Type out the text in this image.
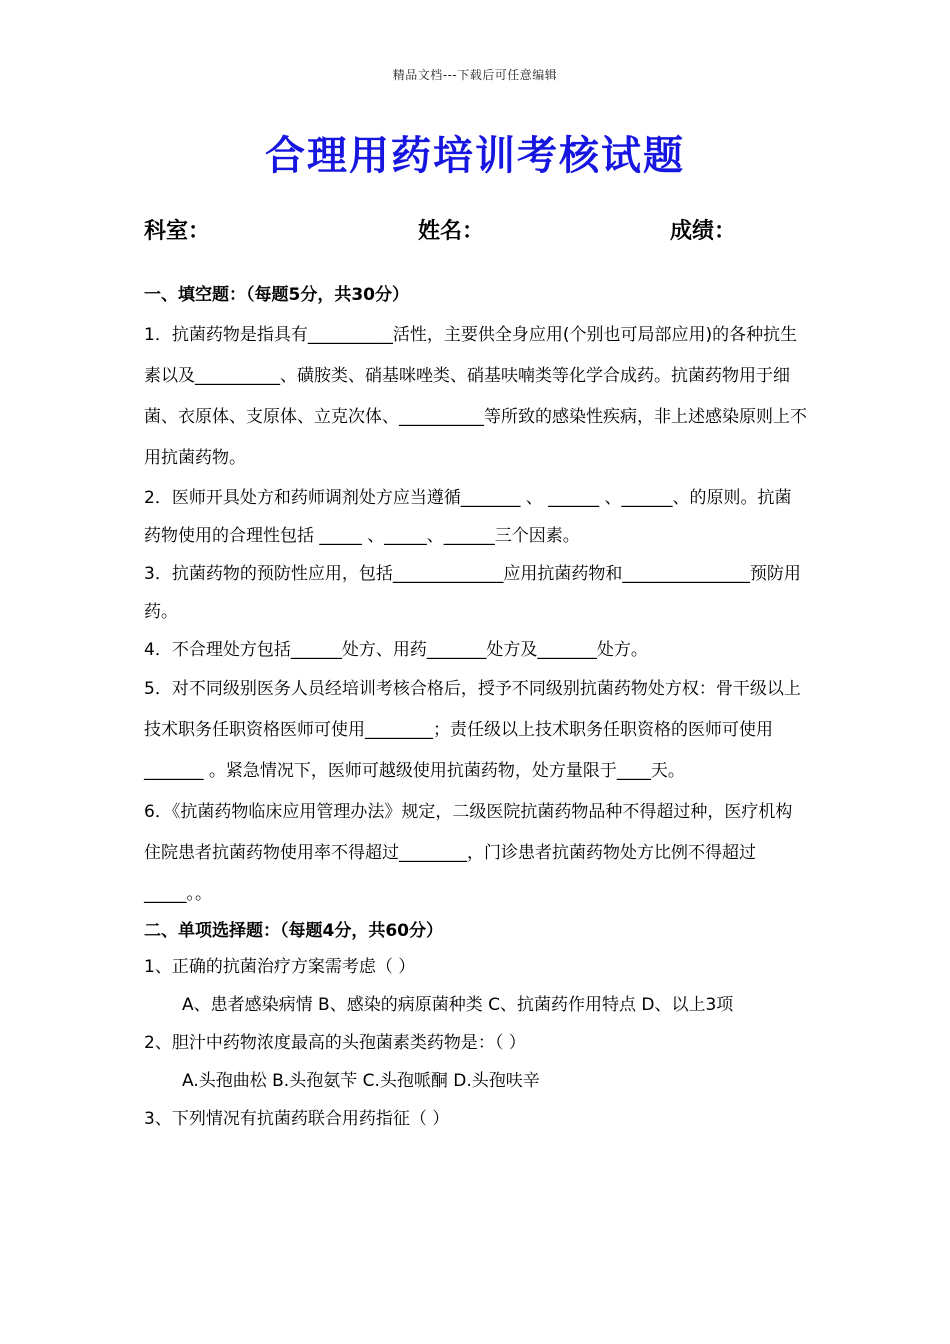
精品文档---下载后可任意编辑
合理用药培训考核试题
科室：	姓名：	成绩：
一、填空题：（每题5分，共30分）

1．抗菌药物是指具有__________活性，主要供全身应用(个别也可局部应用)的各种抗生素以及__________、磺胺类、硝基咪唑类、硝基呋喃类等化学合成药。抗菌药物用于细菌、衣原体、支原体、立克次体、__________等所致的感染性疾病，非上述感染原则上不用抗菌药物。

2．医师开具处方和药师调剂处方应当遵循_______ 、 ______ 、______、的原则。抗菌药物使用的合理性包括 _____ 、_____、______三个因素。

3．抗菌药物的预防性应用，包括_____________应用抗菌药物和_______________预防用药。

4．不合理处方包括______处方、用药_______处方及_______处方。

5．对不同级别医务人员经培训考核合格后，授予不同级别抗菌药物处方权：骨干级以上技术职务任职资格医师可使用________；责任级以上技术职务任职资格的医师可使用_______ 。紧急情况下，医师可越级使用抗菌药物，处方量限于____天。

6．《抗菌药物临床应用管理办法》规定，二级医院抗菌药物品种不得超过种，医疗机构住院患者抗菌药物使用率不得超过________，门诊患者抗菌药物处方比例不得超过_____。。

二、单项选择题：（每题4分，共60分）

1、正确的抗菌治疗方案需考虑（ ）

A、患者感染病情 B、感染的病原菌种类 C、抗菌药作用特点 D、以上3项

2、胆汁中药物浓度最高的头孢菌素类药物是：（ ）

A.头孢曲松 B.头孢氨苄 C.头孢哌酮 D.头孢呋辛

3、下列情况有抗菌药联合用药指征（ ）
